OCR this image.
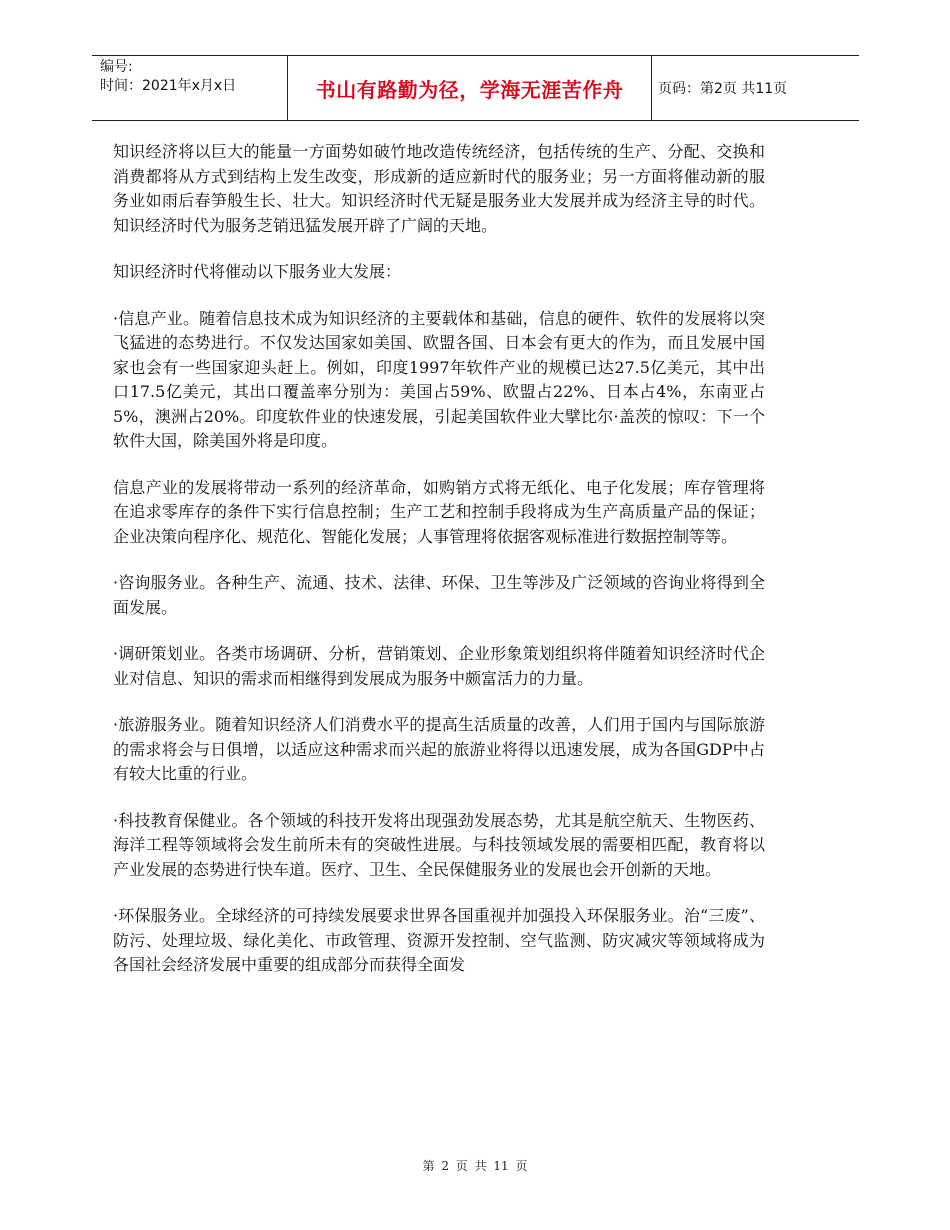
编号:
时间：2021年x月x日	书山有路勤为径，学海无涯苦作舟	页码：第2页 共11页

知识经济将以巨大的能量一方面势如破竹地改造传统经济，包括传统的生产、分配、交换和消费都将从方式到结构上发生改变，形成新的适应新时代的服务业；另一方面将催动新的服务业如雨后春笋般生长、壮大。知识经济时代无疑是服务业大发展并成为经济主导的时代。知识经济时代为服务芝销迅猛发展开辟了广阔的天地。

知识经济时代将催动以下服务业大发展：

·信息产业。随着信息技术成为知识经济的主要载体和基础，信息的硬件、软件的发展将以突飞猛进的态势进行。不仅发达国家如美国、欧盟各国、日本会有更大的作为，而且发展中国家也会有一些国家迎头赶上。例如，印度1997年软件产业的规模已达27.5亿美元，其中出口17.5亿美元，其出口覆盖率分别为：美国占59%、欧盟占22%、日本占4%，东南亚占5%，澳洲占20%。印度软件业的快速发展，引起美国软件业大擘比尔·盖茨的惊叹：下一个软件大国，除美国外将是印度。

信息产业的发展将带动一系列的经济革命，如购销方式将无纸化、电子化发展；库存管理将在追求零库存的条件下实行信息控制；生产工艺和控制手段将成为生产高质量产品的保证；企业决策向程序化、规范化、智能化发展；人事管理将依据客观标准进行数据控制等等。

·咨询服务业。各种生产、流通、技术、法律、环保、卫生等涉及广泛领域的咨询业将得到全面发展。

·调研策划业。各类市场调研、分析，营销策划、企业形象策划组织将伴随着知识经济时代企业对信息、知识的需求而相继得到发展成为服务中颇富活力的力量。

·旅游服务业。随着知识经济人们消费水平的提高生活质量的改善，人们用于国内与国际旅游的需求将会与日俱增，以适应这种需求而兴起的旅游业将得以迅速发展，成为各国GDP中占有较大比重的行业。

·科技教育保健业。各个领域的科技开发将出现强劲发展态势，尤其是航空航天、生物医药、海洋工程等领域将会发生前所未有的突破性进展。与科技领域发展的需要相匹配，教育将以产业发展的态势进行快车道。医疗、卫生、全民保健服务业的发展也会开创新的天地。

·环保服务业。全球经济的可持续发展要求世界各国重视并加强投入环保服务业。治“三废”、防污、处理垃圾、绿化美化、市政管理、资源开发控制、空气监测、防灾减灾等领域将成为各国社会经济发展中重要的组成部分而获得全面发

第 2 页 共 11 页
